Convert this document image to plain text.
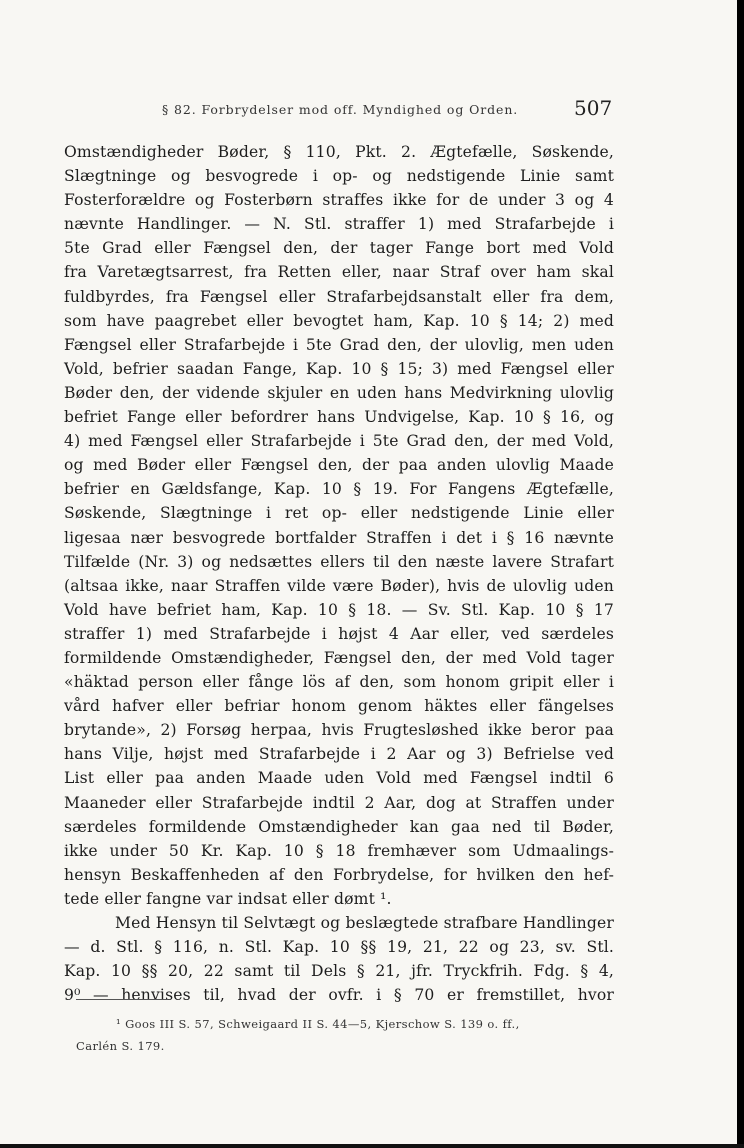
§ 82. Forbrydelser mod off. Myndighed og Orden.	507
Omstændigheder Bøder, § 110, Pkt. 2. Ægtefælle, Søskende,
Slægtninge og besvogrede i op- og nedstigende Linie samt
Fosterforældre og Fosterbørn straffes ikke for de under 3 og 4
nævnte Handlinger. — N. Stl. straffer 1) med Strafarbejde i
5te Grad eller Fængsel den, der tager Fange bort med Vold
fra Varetægtsarrest, fra Retten eller, naar Straf over ham skal
fuldbyrdes, fra Fængsel eller Strafarbejdsanstalt eller fra dem,
som have paagrebet eller bevogtet ham, Kap. 10 § 14; 2) med
Fængsel eller Strafarbejde i 5te Grad den, der ulovlig, men uden
Vold, befrier saadan Fange, Kap. 10 § 15; 3) med Fængsel eller
Bøder den, der vidende skjuler en uden hans Medvirkning ulovlig
befriet Fange eller befordrer hans Undvigelse, Kap. 10 § 16, og
4) med Fængsel eller Strafarbejde i 5te Grad den, der med Vold,
og med Bøder eller Fængsel den, der paa anden ulovlig Maade
befrier en Gældsfange, Kap. 10 § 19. For Fangens Ægtefælle,
Søskende, Slægtninge i ret op- eller nedstigende Linie eller
ligesaa nær besvogrede bortfalder Straffen i det i § 16 nævnte
Tilfælde (Nr. 3) og nedsættes ellers til den næste lavere Strafart
(altsaa ikke, naar Straffen vilde være Bøder), hvis de ulovlig uden
Vold have befriet ham, Kap. 10 § 18. — Sv. Stl. Kap. 10 § 17
straffer 1) med Strafarbejde i højst 4 Aar eller, ved særdeles
formildende Omstændigheder, Fængsel den, der med Vold tager
«häktad person eller fånge lös af den, som honom gripit eller i
vård hafver eller befriar honom genom häktes eller fängelses
brytande», 2) Forsøg herpaa, hvis Frugtesløshed ikke beror paa
hans Vilje, højst med Strafarbejde i 2 Aar og 3) Befrielse ved
List eller paa anden Maade uden Vold med Fængsel indtil 6
Maaneder eller Strafarbejde indtil 2 Aar, dog at Straffen under
særdeles formildende Omstændigheder kan gaa ned til Bøder,
ikke under 50 Kr. Kap. 10 § 18 fremhæver som Udmaalings-
hensyn Beskaffenheden af den Forbrydelse, for hvilken den hef-
tede eller fangne var indsat eller dømt ¹.
Med Hensyn til Selvtægt og beslægtede strafbare Handlinger
— d. Stl. § 116, n. Stl. Kap. 10 §§ 19, 21, 22 og 23, sv. Stl.
Kap. 10 §§ 20, 22 samt til Dels § 21, jfr. Tryckfrih. Fdg. § 4,
9⁰ — henvises til, hvad der ovfr. i § 70 er fremstillet, hvor
¹ Goos III S. 57, Schweigaard II S. 44—5, Kjerschow S. 139 o. ff.,
Carlén S. 179.
